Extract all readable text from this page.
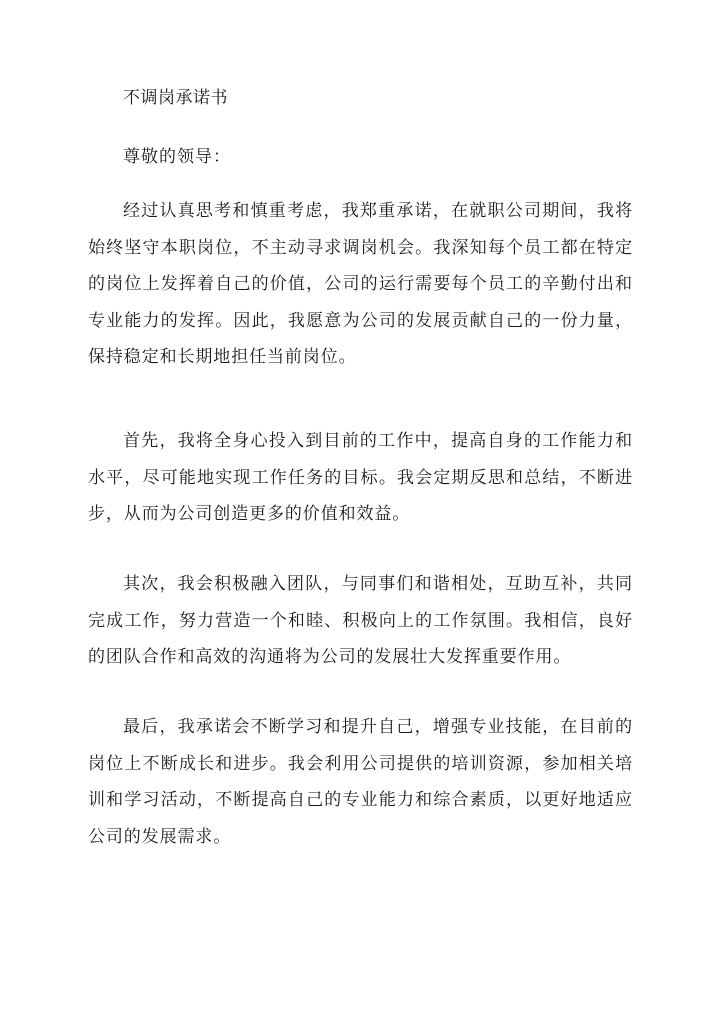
不调岗承诺书

尊敬的领导：

经过认真思考和慎重考虑，我郑重承诺，在就职公司期间，我将始终坚守本职岗位，不主动寻求调岗机会。我深知每个员工都在特定的岗位上发挥着自己的价值，公司的运行需要每个员工的辛勤付出和专业能力的发挥。因此，我愿意为公司的发展贡献自己的一份力量，保持稳定和长期地担任当前岗位。

首先，我将全身心投入到目前的工作中，提高自身的工作能力和水平，尽可能地实现工作任务的目标。我会定期反思和总结，不断进步，从而为公司创造更多的价值和效益。

其次，我会积极融入团队，与同事们和谐相处，互助互补，共同完成工作，努力营造一个和睦、积极向上的工作氛围。我相信，良好的团队合作和高效的沟通将为公司的发展壮大发挥重要作用。

最后，我承诺会不断学习和提升自己，增强专业技能，在目前的岗位上不断成长和进步。我会利用公司提供的培训资源，参加相关培训和学习活动，不断提高自己的专业能力和综合素质，以更好地适应公司的发展需求。
